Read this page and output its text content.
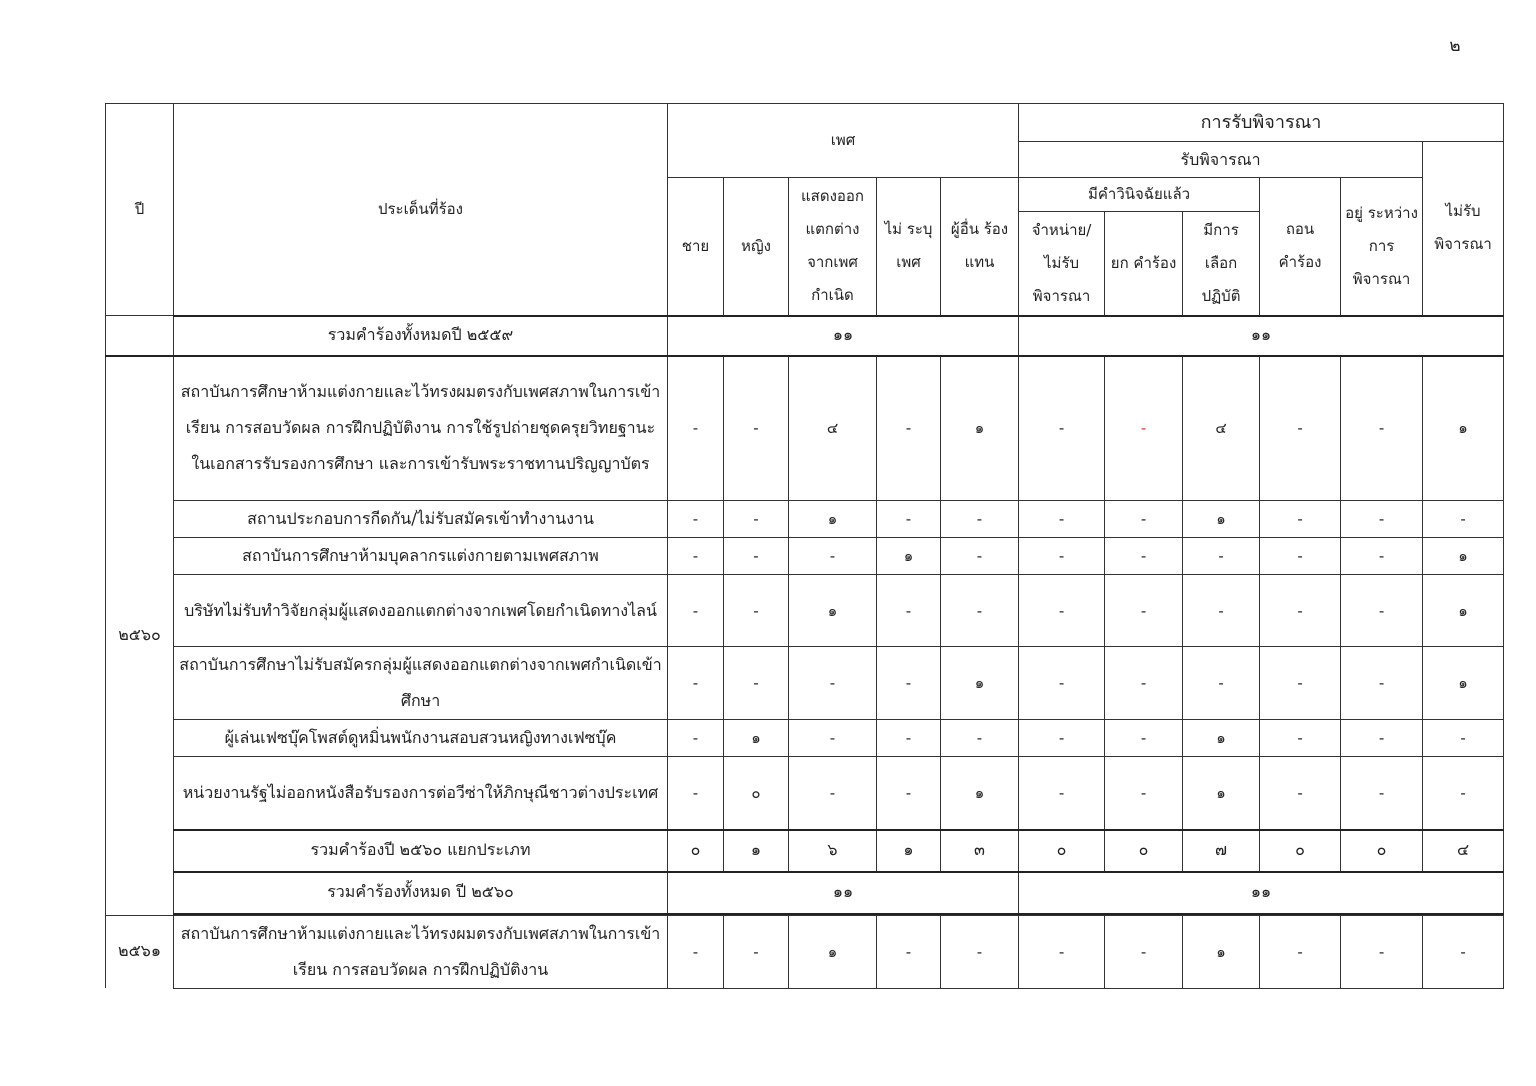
๒
ปี	ประเด็นที่ร้อง	เพศ					การรับพิจารณา					
							รับพิจารณา					ไม่รับ พิจารณา
		ชาย	หญิง	แสดงออก แตกต่าง จากเพศ กำเนิด	ไม่ ระบุ เพศ	ผู้อื่น ร้อง แทน	มีคำวินิจฉัยแล้ว			ถอน คำร้อง	อยู่ ระหว่าง การ พิจารณา	
							จำหน่าย/ ไม่รับ พิจารณา	ยก คำร้อง	มีการ เลือก ปฏิบัติ			
	รวมคำร้องทั้งหมดปี ๒๕๕๙	๑๑					๑๑					
๒๕๖๐	สถาบันการศึกษาห้ามแต่งกายและไว้ทรงผมตรงกับเพศสภาพในการเข้าเรียน การสอบวัดผล การฝึกปฏิบัติงาน การใช้รูปถ่ายชุดครุยวิทยฐานะในเอกสารรับรองการศึกษา และการเข้ารับพระราชทานปริญญาบัตร	-	-	๔	-	๑	-	-	๔	-	-	๑
	สถานประกอบการกีดกัน/ไม่รับสมัครเข้าทำงานงาน	-	-	๑	-	-	-	-	๑	-	-	-
	สถาบันการศึกษาห้ามบุคลากรแต่งกายตามเพศสภาพ	-	-	-	๑	-	-	-	-	-	-	๑
	บริษัทไม่รับทำวิจัยกลุ่มผู้แสดงออกแตกต่างจากเพศโดยกำเนิดทางไลน์	-	-	๑	-	-	-	-	-	-	-	๑
	สถาบันการศึกษาไม่รับสมัครกลุ่มผู้แสดงออกแตกต่างจากเพศกำเนิดเข้าศึกษา	-	-	-	-	๑	-	-	-	-	-	๑
	ผู้เล่นเฟซบุ๊คโพสต์ดูหมิ่นพนักงานสอบสวนหญิงทางเฟซบุ๊ค	-	๑	-	-	-	-	-	๑	-	-	-
	หน่วยงานรัฐไม่ออกหนังสือรับรองการต่อวีซ่าให้ภิกษุณีชาวต่างประเทศ	-	๐	-	-	๑	-	-	๑	-	-	-
	รวมคำร้องปี ๒๕๖๐ แยกประเภท	๐	๑	๖	๑	๓	๐	๐	๗	๐	๐	๔
	รวมคำร้องทั้งหมด ปี ๒๕๖๐	๑๑					๑๑					

๒๕๖๑	สถาบันการศึกษาห้ามแต่งกายและไว้ทรงผมตรงกับเพศสภาพในการเข้าเรียน การสอบวัดผล การฝึกปฏิบัติงาน	-	-	๑	-	-	-	-	๑	-	-	-
